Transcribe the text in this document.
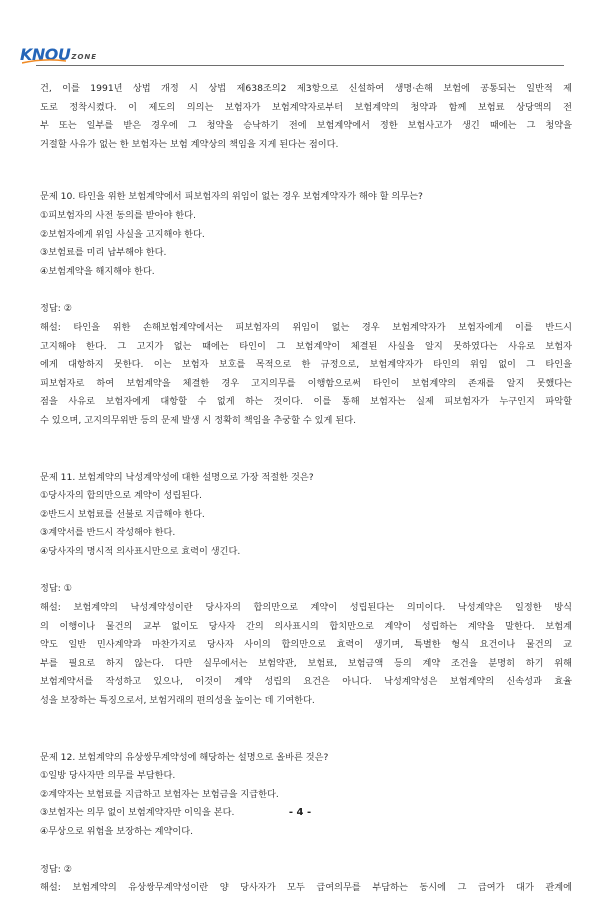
KNOUZONE

건, 이를 1991년 상법 개정 시 상법 제638조의2 제3항으로 신설하여 생명·손해 보험에 공통되는 일반적 제

도로 정착시켰다. 이 제도의 의의는 보험자가 보험계약자로부터 보험계약의 청약과 함께 보험료 상당액의 전

부 또는 일부를 받은 경우에 그 청약을 승낙하기 전에 보험계약에서 정한 보험사고가 생긴 때에는 그 청약을

거절할 사유가 없는 한 보험자는 보험 계약상의 책임을 지게 된다는 점이다.

문제 10. 타인을 위한 보험계약에서 피보험자의 위임이 없는 경우 보험계약자가 해야 할 의무는?

①피보험자의 사전 동의를 받아야 한다.

②보험자에게 위임 사실을 고지해야 한다.

③보험료를 미리 납부해야 한다.

④보험계약을 해지해야 한다.

정답: ②

해설: 타인을 위한 손해보험계약에서는 피보험자의 위임이 없는 경우 보험계약자가 보험자에게 이를 반드시

고지해야 한다. 그 고지가 없는 때에는 타인이 그 보험계약이 체결된 사실을 알지 못하였다는 사유로 보험자

에게 대항하지 못한다. 이는 보험자 보호를 목적으로 한 규정으로, 보험계약자가 타인의 위임 없이 그 타인을

피보험자로 하여 보험계약을 체결한 경우 고지의무를 이행함으로써 타인이 보험계약의 존재를 알지 못했다는

점을 사유로 보험자에게 대항할 수 없게 하는 것이다. 이를 통해 보험자는 실제 피보험자가 누구인지 파악할

수 있으며, 고지의무위반 등의 문제 발생 시 정확히 책임을 추궁할 수 있게 된다.

문제 11. 보험계약의 낙성계약성에 대한 설명으로 가장 적절한 것은?

①당사자의 합의만으로 계약이 성립된다.

②반드시 보험료를 선불로 지급해야 한다.

③계약서를 반드시 작성해야 한다.

④당사자의 명시적 의사표시만으로 효력이 생긴다.

정답: ①

해설: 보험계약의 낙성계약성이란 당사자의 합의만으로 계약이 성립된다는 의미이다. 낙성계약은 일정한 방식

의 이행이나 물건의 교부 없이도 당사자 간의 의사표시의 합치만으로 계약이 성립하는 계약을 말한다. 보험계

약도 일반 민사계약과 마찬가지로 당사자 사이의 합의만으로 효력이 생기며, 특별한 형식 요건이나 물건의 교

부를 필요로 하지 않는다. 다만 실무에서는 보험약관, 보험료, 보험금액 등의 계약 조건을 분명히 하기 위해

보험계약서를 작성하고 있으나, 이것이 계약 성립의 요건은 아니다. 낙성계약성은 보험계약의 신속성과 효율

성을 보장하는 특징으로서, 보험거래의 편의성을 높이는 데 기여한다.

문제 12. 보험계약의 유상쌍무계약성에 해당하는 설명으로 올바른 것은?

①일방 당사자만 의무를 부담한다.

②계약자는 보험료를 지급하고 보험자는 보험금을 지급한다.

③보험자는 의무 없이 보험계약자만 이익을 본다.

④무상으로 위험을 보장하는 계약이다.

정답: ②

해설: 보험계약의 유상쌍무계약성이란 양 당사자가 모두 급여의무를 부담하는 동시에 그 급여가 대가 관계에

- 4 -
